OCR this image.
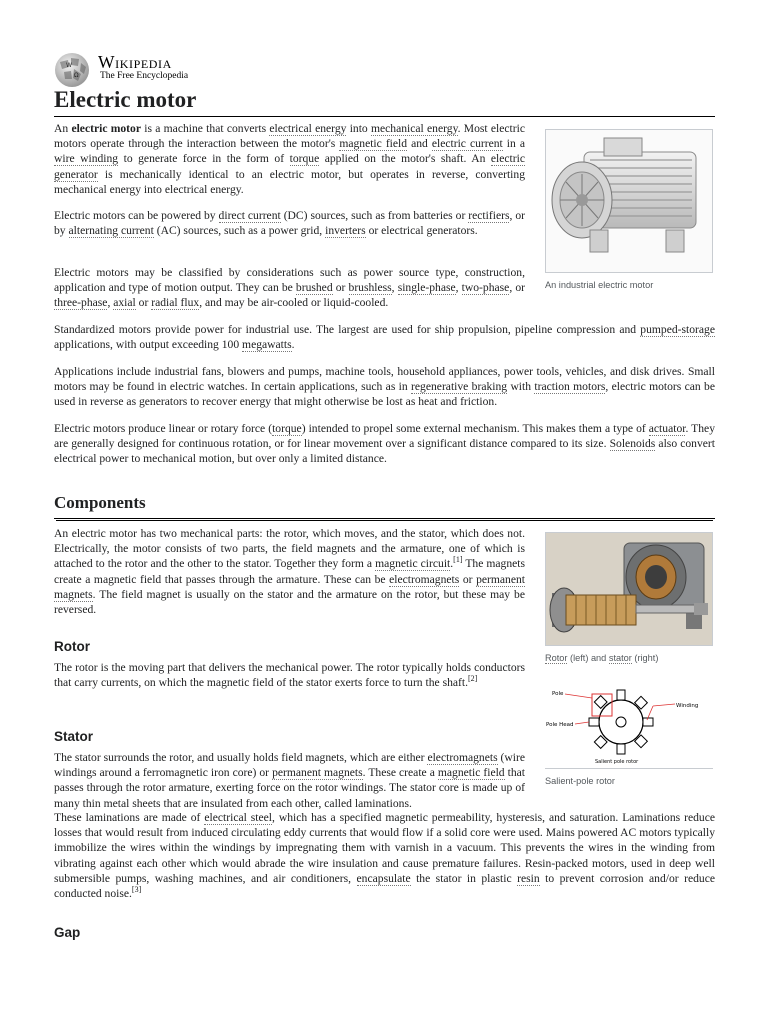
W
Ω
Wikipedia
The Free Encyclopedia
Electric motor

An electric motor is a machine that converts electrical energy into mechanical energy. Most electric motors operate through the interaction between the motor's magnetic field and electric current in a wire winding to generate force in the form of torque applied on the motor's shaft. An electric generator is mechanically identical to an electric motor, but operates in reverse, converting mechanical energy into electrical energy.

Electric motors can be powered by direct current (DC) sources, such as from batteries or rectifiers, or by alternating current (AC) sources, such as a power grid, inverters or electrical generators.

Electric motors may be classified by considerations such as power source type, construction, application and type of motion output. They can be brushed or brushless, single-phase, two-phase, or three-phase, axial or radial flux, and may be air-cooled or liquid-cooled.

Standardized motors provide power for industrial use. The largest are used for ship propulsion, pipeline compression and pumped-storage applications, with output exceeding 100 megawatts.

Applications include industrial fans, blowers and pumps, machine tools, household appliances, power tools, vehicles, and disk drives. Small motors may be found in electric watches. In certain applications, such as in regenerative braking with traction motors, electric motors can be used in reverse as generators to recover energy that might otherwise be lost as heat and friction.

Electric motors produce linear or rotary force (torque) intended to propel some external mechanism. This makes them a type of actuator. They are generally designed for continuous rotation, or for linear movement over a significant distance compared to its size. Solenoids also convert electrical power to mechanical motion, but over only a limited distance.

An industrial electric motor
Components

An electric motor has two mechanical parts: the rotor, which moves, and the stator, which does not. Electrically, the motor consists of two parts, the field magnets and the armature, one of which is attached to the rotor and the other to the stator. Together they form a magnetic circuit.[1] The magnets create a magnetic field that passes through the armature. These can be electromagnets or permanent magnets. The field magnet is usually on the stator and the armature on the rotor, but these may be reversed.

Rotor (left) and stator (right)
Rotor

The rotor is the moving part that delivers the mechanical power. The rotor typically holds conductors that carry currents, on which the magnetic field of the stator exerts force to turn the shaft.[2]

Pole
Pole Head
Winding
Salient pole rotor
Salient-pole rotor
Stator

The stator surrounds the rotor, and usually holds field magnets, which are either electromagnets (wire windings around a ferromagnetic iron core) or permanent magnets. These create a magnetic field that passes through the rotor armature, exerting force on the rotor windings. The stator core is made up of many thin metal sheets that are insulated from each other, called laminations.

These laminations are made of electrical steel, which has a specified magnetic permeability, hysteresis, and saturation. Laminations reduce losses that would result from induced circulating eddy currents that would flow if a solid core were used. Mains powered AC motors typically immobilize the wires within the windings by impregnating them with varnish in a vacuum. This prevents the wires in the winding from vibrating against each other which would abrade the wire insulation and cause premature failures. Resin-packed motors, used in deep well submersible pumps, washing machines, and air conditioners, encapsulate the stator in plastic resin to prevent corrosion and/or reduce conducted noise.[3]

Gap
